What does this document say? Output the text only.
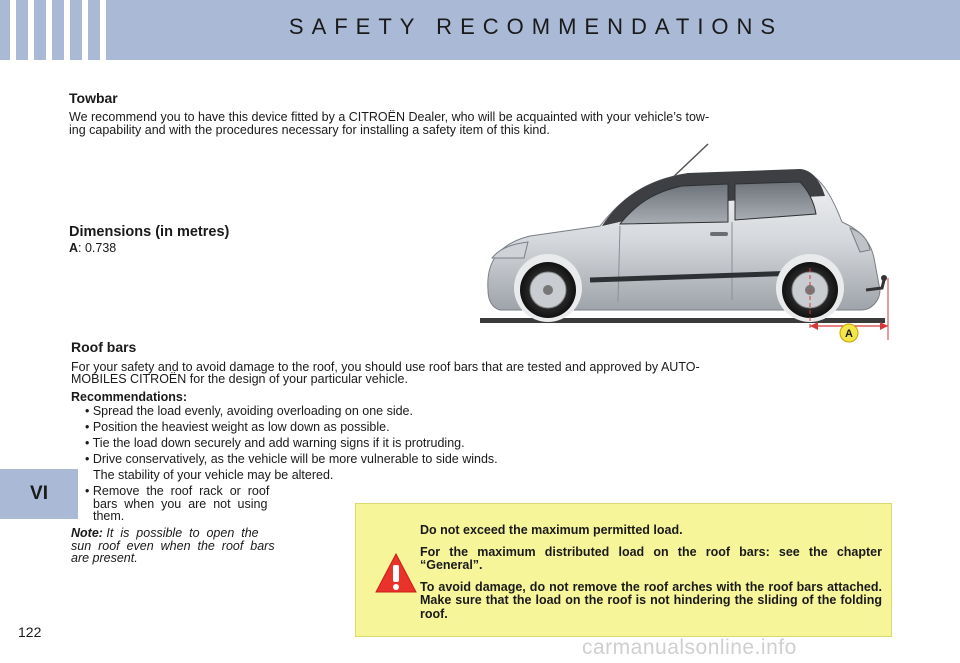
SAFETY RECOMMENDATIONS
VI
122
Towbar

We recommend you to have this device fitted by a CITROËN Dealer, who will be acquainted with your vehicle’s tow-

ing capability and with the procedures necessary for installing a safety item of this kind.

Dimensions (in metres)

A: 0.738

A
Roof bars

For your safety and to avoid damage to the roof, you should use roof bars that are tested and approved by AUTO-

MOBILES CITROËN for the design of your particular vehicle.

Recommendations:

• Spread the load evenly, avoiding overloading on one side.

• Position the heaviest weight as low down as possible.

• Tie the load down securely and add warning signs if it is protruding.

• Drive conservatively, as the vehicle will be more vulnerable to side winds.

The stability of your vehicle may be altered.

• Remove  the  roof  rack  or  roof

bars  when  you  are  not  using

them.

Note: It  is  possible  to  open  the

sun  roof  even  when  the  roof  bars

are present.

Do not exceed the maximum permitted load.

For the maximum distributed load on the roof bars: see the chapter “General”.

To avoid damage, do not remove the roof arches with the roof bars attached. Make sure that the load on the roof is not hindering the sliding of the folding roof.

carmanualsonline.info
